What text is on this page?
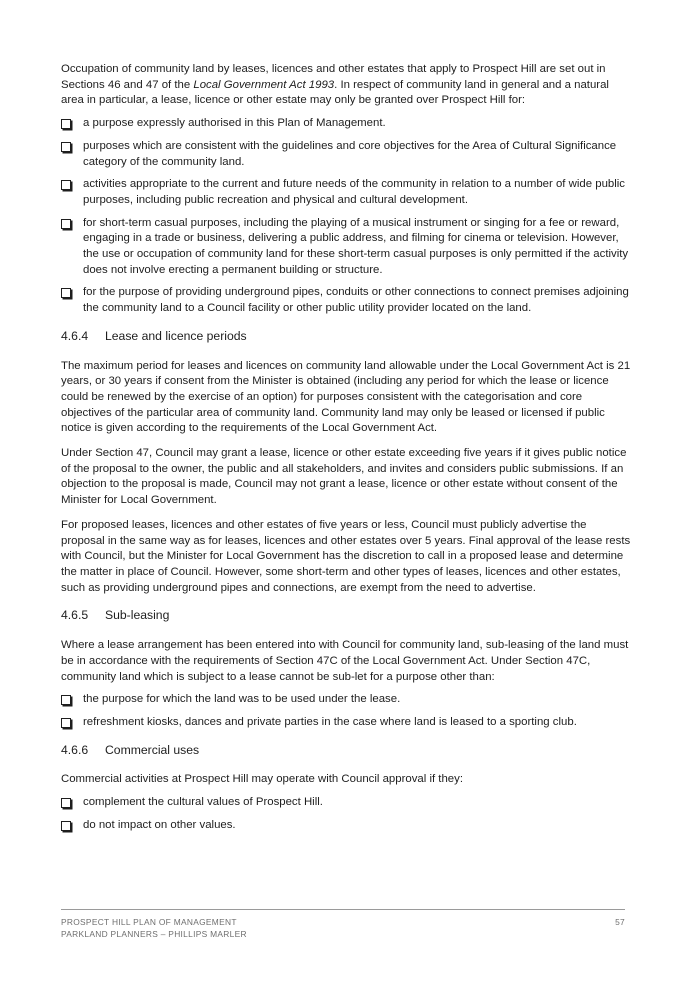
Occupation of community land by leases, licences and other estates that apply to Prospect Hill are set out in Sections 46 and 47 of the Local Government Act 1993. In respect of community land in general and a natural area in particular, a lease, licence or other estate may only be granted over Prospect Hill for:

a purpose expressly authorised in this Plan of Management.
purposes which are consistent with the guidelines and core objectives for the Area of Cultural Significance category of the community land.
activities appropriate to the current and future needs of the community in relation to a number of wide public purposes, including public recreation and physical and cultural development.
for short-term casual purposes, including the playing of a musical instrument or singing for a fee or reward, engaging in a trade or business, delivering a public address, and filming for cinema or television. However, the use or occupation of community land for these short-term casual purposes is only permitted if the activity does not involve erecting a permanent building or structure.
for the purpose of providing underground pipes, conduits or other connections to connect premises adjoining the community land to a Council facility or other public utility provider located on the land.
4.6.4 Lease and licence periods

The maximum period for leases and licences on community land allowable under the Local Government Act is 21 years, or 30 years if consent from the Minister is obtained (including any period for which the lease or licence could be renewed by the exercise of an option) for purposes consistent with the categorisation and core objectives of the particular area of community land. Community land may only be leased or licensed if public notice is given according to the requirements of the Local Government Act.

Under Section 47, Council may grant a lease, licence or other estate exceeding five years if it gives public notice of the proposal to the owner, the public and all stakeholders, and invites and considers public submissions. If an objection to the proposal is made, Council may not grant a lease, licence or other estate without consent of the Minister for Local Government.

For proposed leases, licences and other estates of five years or less, Council must publicly advertise the proposal in the same way as for leases, licences and other estates over 5 years. Final approval of the lease rests with Council, but the Minister for Local Government has the discretion to call in a proposed lease and determine the matter in place of Council. However, some short-term and other types of leases, licences and other estates, such as providing underground pipes and connections, are exempt from the need to advertise.

4.6.5 Sub-leasing

Where a lease arrangement has been entered into with Council for community land, sub-leasing of the land must be in accordance with the requirements of Section 47C of the Local Government Act. Under Section 47C, community land which is subject to a lease cannot be sub-let for a purpose other than:

the purpose for which the land was to be used under the lease.
refreshment kiosks, dances and private parties in the case where land is leased to a sporting club.
4.6.6 Commercial uses

Commercial activities at Prospect Hill may operate with Council approval if they:

complement the cultural values of Prospect Hill.
do not impact on other values.
PROSPECT HILL PLAN OF MANAGEMENT
PARKLAND PLANNERS – PHILLIPS MARLER
57
